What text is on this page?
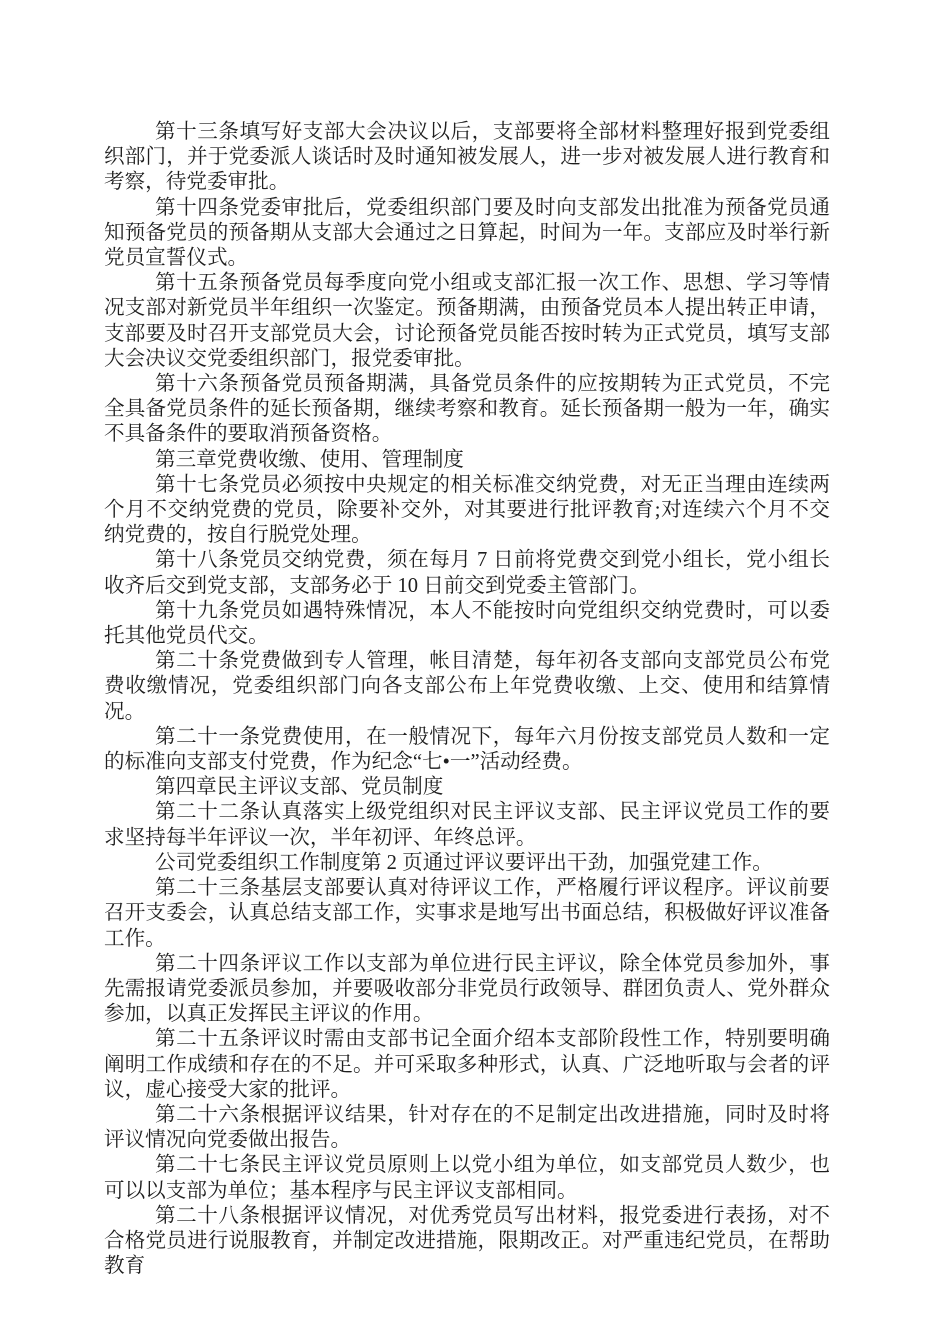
第十三条填写好支部大会决议以后，支部要将全部材料整理好报到党委组织部门，并于党委派人谈话时及时通知被发展人，进一步对被发展人进行教育和考察，待党委审批。

第十四条党委审批后，党委组织部门要及时向支部发出批准为预备党员通知预备党员的预备期从支部大会通过之日算起，时间为一年。支部应及时举行新党员宣誓仪式。

第十五条预备党员每季度向党小组或支部汇报一次工作、思想、学习等情况支部对新党员半年组织一次鉴定。预备期满，由预备党员本人提出转正申请，支部要及时召开支部党员大会，讨论预备党员能否按时转为正式党员，填写支部大会决议交党委组织部门，报党委审批。

第十六条预备党员预备期满，具备党员条件的应按期转为正式党员，不完全具备党员条件的延长预备期，继续考察和教育。延长预备期一般为一年，确实不具备条件的要取消预备资格。

第三章党费收缴、使用、管理制度

第十七条党员必须按中央规定的相关标准交纳党费，对无正当理由连续两个月不交纳党费的党员，除要补交外，对其要进行批评教育;对连续六个月不交纳党费的，按自行脱党处理。

第十八条党员交纳党费，须在每月 7 日前将党费交到党小组长，党小组长收齐后交到党支部，支部务必于 10 日前交到党委主管部门。

第十九条党员如遇特殊情况，本人不能按时向党组织交纳党费时，可以委托其他党员代交。

第二十条党费做到专人管理，帐目清楚，每年初各支部向支部党员公布党费收缴情况，党委组织部门向各支部公布上年党费收缴、上交、使用和结算情况。

第二十一条党费使用，在一般情况下，每年六月份按支部党员人数和一定的标准向支部支付党费，作为纪念“七•一”活动经费。

第四章民主评议支部、党员制度

第二十二条认真落实上级党组织对民主评议支部、民主评议党员工作的要求坚持每半年评议一次，半年初评、年终总评。

公司党委组织工作制度第 2 页通过评议要评出干劲，加强党建工作。

第二十三条基层支部要认真对待评议工作，严格履行评议程序。评议前要召开支委会，认真总结支部工作，实事求是地写出书面总结，积极做好评议准备工作。

第二十四条评议工作以支部为单位进行民主评议，除全体党员参加外，事先需报请党委派员参加，并要吸收部分非党员行政领导、群团负责人、党外群众参加，以真正发挥民主评议的作用。

第二十五条评议时需由支部书记全面介绍本支部阶段性工作，特别要明确阐明工作成绩和存在的不足。并可采取多种形式，认真、广泛地听取与会者的评议，虚心接受大家的批评。

第二十六条根据评议结果，针对存在的不足制定出改进措施，同时及时将评议情况向党委做出报告。

第二十七条民主评议党员原则上以党小组为单位，如支部党员人数少，也可以以支部为单位；基本程序与民主评议支部相同。

第二十八条根据评议情况，对优秀党员写出材料，报党委进行表扬，对不合格党员进行说服教育，并制定改进措施，限期改正。对严重违纪党员，在帮助教育
